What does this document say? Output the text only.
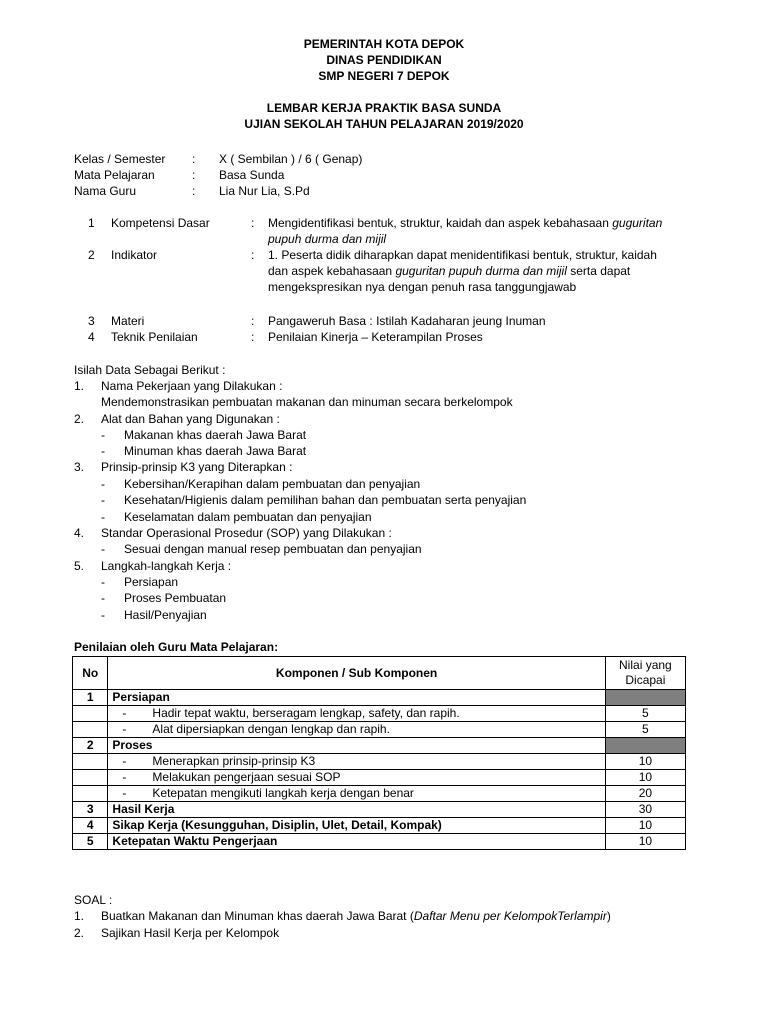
PEMERINTAH KOTA DEPOK
DINAS PENDIDIKAN
SMP NEGERI 7 DEPOK
LEMBAR KERJA PRAKTIK BASA SUNDA
UJIAN SEKOLAH TAHUN PELAJARAN 2019/2020
Kelas / Semester : X ( Sembilan ) / 6 ( Genap)
Mata Pelajaran	: Basa Sunda
Nama Guru	: Lia Nur Lia, S.Pd
1 Kompetensi Dasar	: Mengidentifikasi bentuk, struktur, kaidah dan aspek kebahasaan guguritan
pupuh durma dan mijil
2 Indikator	: 1. Peserta didik diharapkan dapat menidentifikasi bentuk, struktur, kaidah
dan aspek kebahasaan guguritan pupuh durma dan mijil serta dapat
mengekspresikan nya dengan penuh rasa tanggungjawab
3 Materi	: Pangaweruh Basa : Istilah Kadaharan jeung Inuman
4 Teknik Penilaian	: Penilaian Kinerja – Keterampilan Proses
Isilah Data Sebagai Berikut :
1. Nama Pekerjaan yang Dilakukan :
Mendemonstrasikan pembuatan makanan dan minuman secara berkelompok
2. Alat dan Bahan yang Digunakan :
- Makanan khas daerah Jawa Barat
- Minuman khas daerah Jawa Barat
3. Prinsip-prinsip K3 yang Diterapkan :
- Kebersihan/Kerapihan dalam pembuatan dan penyajian
- Kesehatan/Higienis dalam pemilihan bahan dan pembuatan serta penyajian
- Keselamatan dalam pembuatan dan penyajian
4. Standar Operasional Prosedur (SOP) yang Dilakukan :
- Sesuai dengan manual resep pembuatan dan penyajian
5. Langkah-langkah Kerja :
- Persiapan
- Proses Pembuatan
- Hasil/Penyajian
Penilaian oleh Guru Mata Pelajaran:
No	Komponen / Sub Komponen	Nilai yang
Dicapai

1	Persiapan	
	- Hadir tepat waktu, berseragam lengkap, safety, dan rapih.	5
	- Alat dipersiapkan dengan lengkap dan rapih.	5
2	Proses	
	- Menerapkan prinsip-prinsip K3	10
	- Melakukan pengerjaan sesuai SOP	10
	- Ketepatan mengikuti langkah kerja dengan benar	20
3	Hasil Kerja	30
4	Sikap Kerja (Kesungguhan, Disiplin, Ulet, Detail, Kompak)	10
5	Ketepatan Waktu Pengerjaan	10
SOAL :
1. Buatkan Makanan dan Minuman khas daerah Jawa Barat (Daftar Menu per KelompokTerlampir)
2. Sajikan Hasil Kerja per Kelompok
